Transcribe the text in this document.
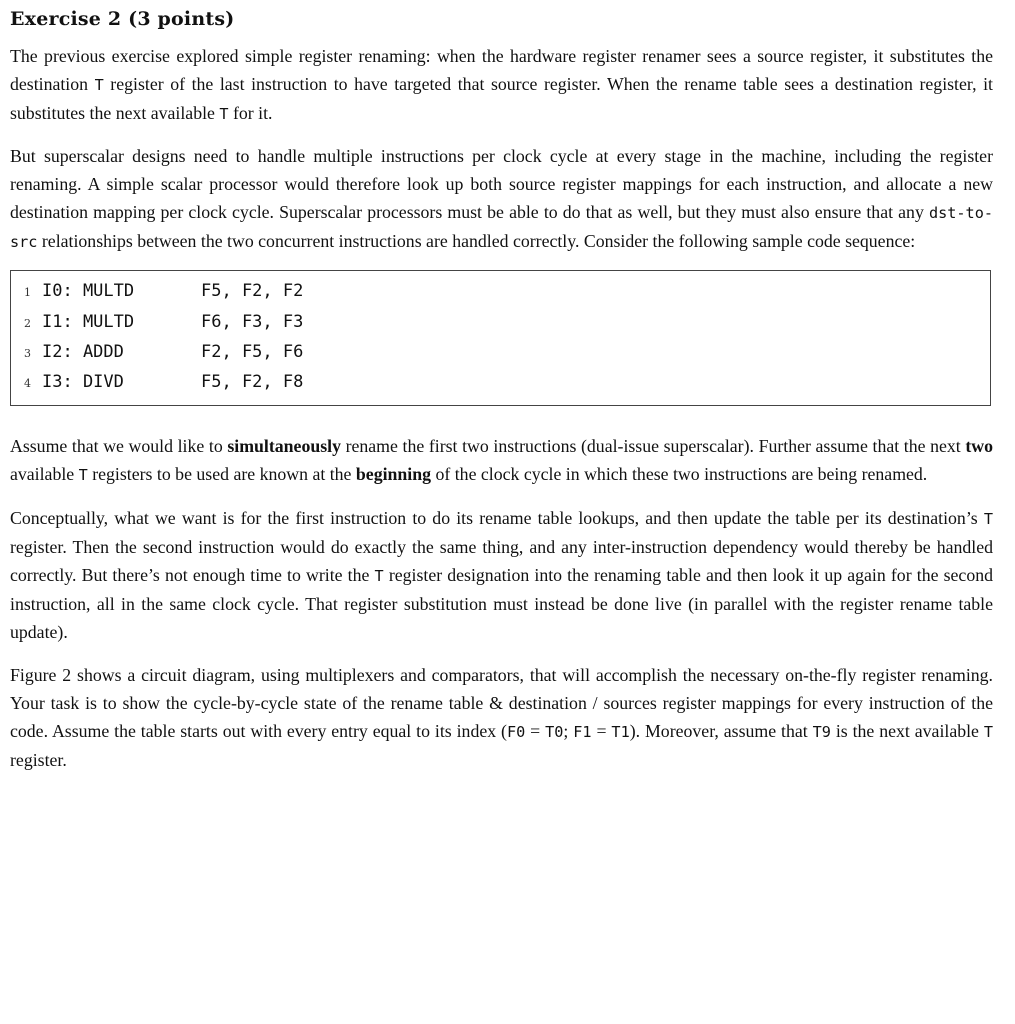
Exercise 2 (3 points)

The previous exercise explored simple register renaming: when the hardware register renamer sees a source register, it substitutes the destination T register of the last instruction to have targeted that source register. When the rename table sees a destination register, it substitutes the next available T for it.

But superscalar designs need to handle multiple instructions per clock cycle at every stage in the machine, including the register renaming. A simple scalar processor would therefore look up both source register mappings for each instruction, and allocate a new destination mapping per clock cycle. Superscalar processors must be able to do that as well, but they must also ensure that any dst-to-src relationships between the two concurrent instructions are handled correctly. Consider the following sample code sequence:

1 I0: MULTD	F5, F2, F2
2 I1: MULTD	F6, F3, F3
3 I2: ADDD	F2, F5, F6
4 I3: DIVD	F5, F2, F8

Assume that we would like to simultaneously rename the first two instructions (dual-issue superscalar). Further assume that the next two available T registers to be used are known at the beginning of the clock cycle in which these two instructions are being renamed.

Conceptually, what we want is for the first instruction to do its rename table lookups, and then update the table per its destination’s T register. Then the second instruction would do exactly the same thing, and any inter-instruction dependency would thereby be handled correctly. But there’s not enough time to write the T register designation into the renaming table and then look it up again for the second instruction, all in the same clock cycle. That register substitution must instead be done live (in parallel with the register rename table update).

Figure 2 shows a circuit diagram, using multiplexers and comparators, that will accomplish the necessary on-the-fly register renaming. Your task is to show the cycle-by-cycle state of the rename table & destination / sources register mappings for every instruction of the code. Assume the table starts out with every entry equal to its index (F0 = T0; F1 = T1). Moreover, assume that T9 is the next available T register.
